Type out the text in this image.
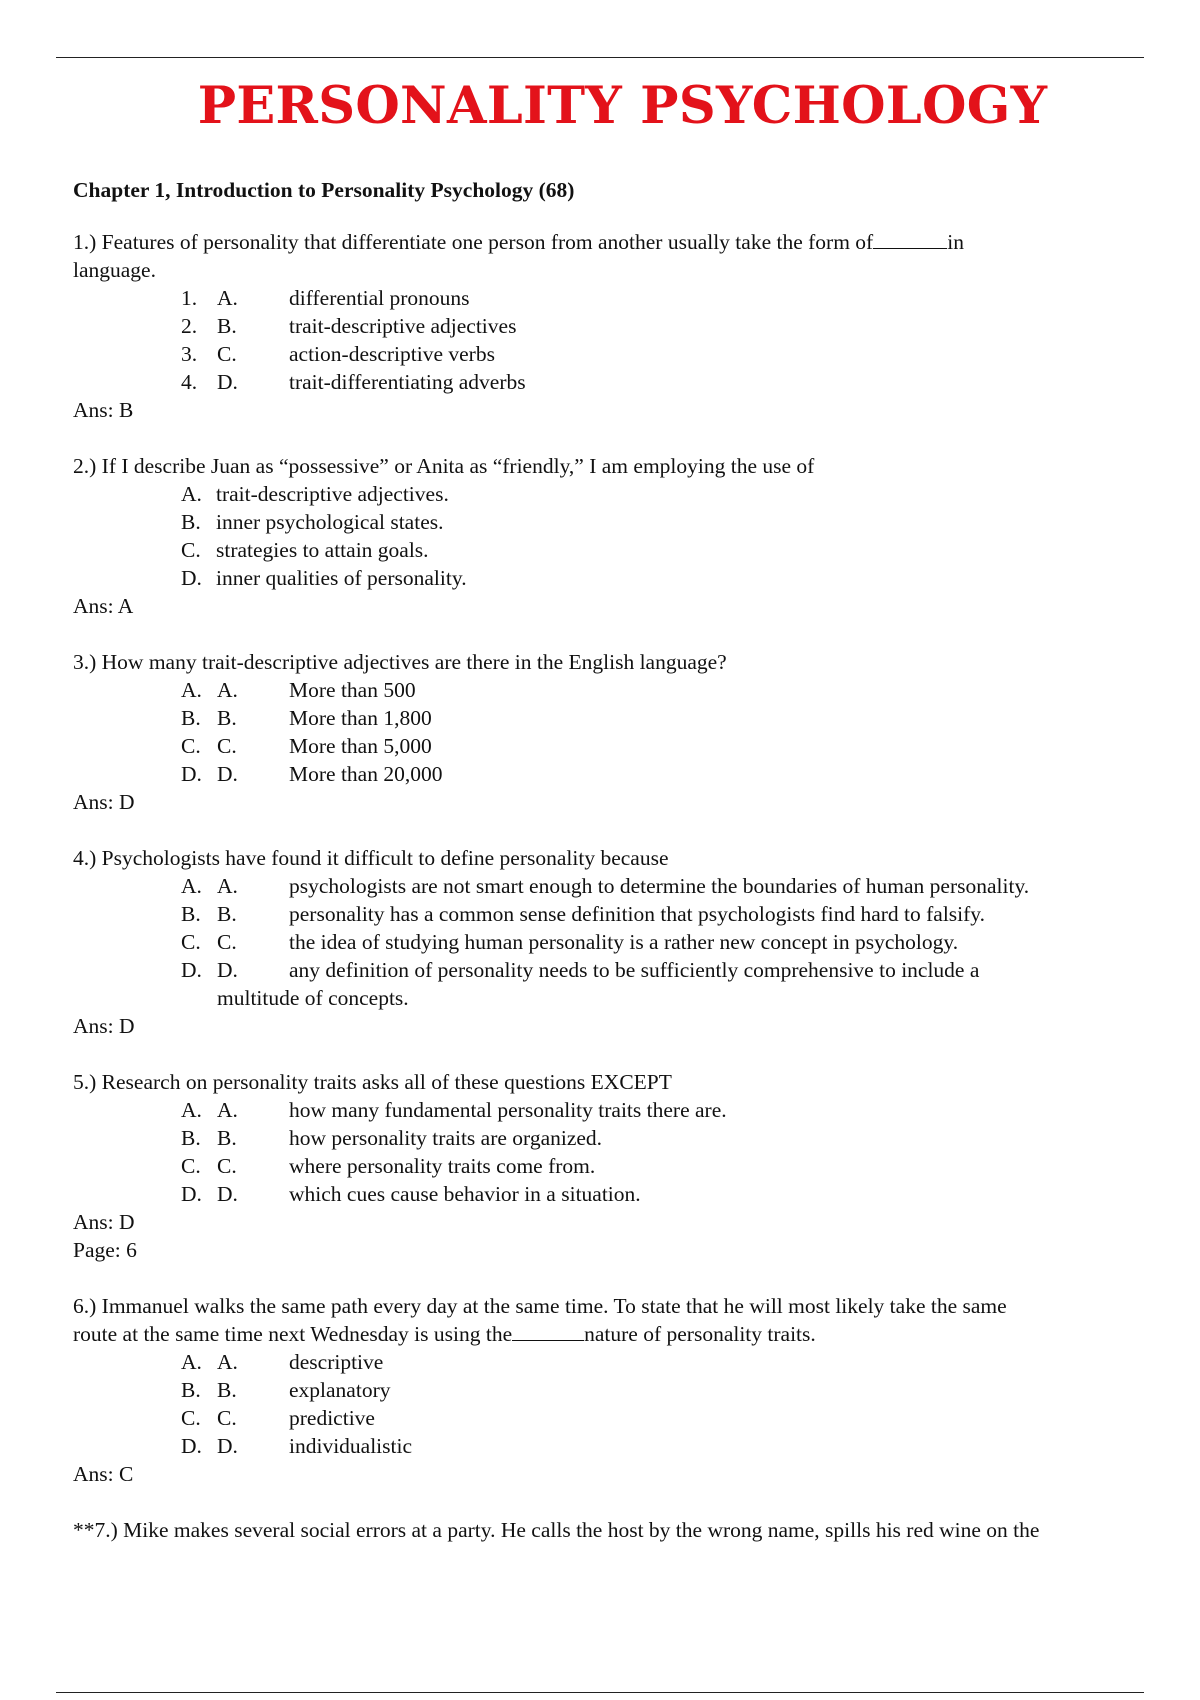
PERSONALITY PSYCHOLOGY

Chapter 1, Introduction to Personality Psychology (68)

1.) Features of personality that differentiate one person from another usually take the form of	in
language.

1. A.	differential pronouns
2. B.	trait-descriptive adjectives
3. C.	action-descriptive verbs
4. D.	trait-differentiating adverbs

Ans: B

2.) If I describe Juan as “possessive” or Anita as “friendly,” I am employing the use of

A. trait-descriptive adjectives.
B. inner psychological states.
C. strategies to attain goals.
D. inner qualities of personality.

Ans: A

3.) How many trait-descriptive adjectives are there in the English language?

A. A.	More than 500
B. B.	More than 1,800
C. C.	More than 5,000
D. D.	More than 20,000

Ans: D

4.) Psychologists have found it difficult to define personality because

A. A.	psychologists are not smart enough to determine the boundaries of human personality.
B. B.	personality has a common sense definition that psychologists find hard to falsify.
C. C.	the idea of studying human personality is a rather new concept in psychology.
D. D.	any definition of personality needs to be sufficiently comprehensive to include a
multitude of concepts.

Ans: D

5.) Research on personality traits asks all of these questions EXCEPT

A. A.	how many fundamental personality traits there are.
B. B.	how personality traits are organized.
C. C.	where personality traits come from.
D. D.	which cues cause behavior in a situation.

Ans: D

Page: 6

6.) Immanuel walks the same path every day at the same time. To state that he will most likely take the same
route at the same time next Wednesday is using the	nature of personality traits.

A. A.	descriptive
B. B.	explanatory
C. C.	predictive
D. D.	individualistic

Ans: C

**7.) Mike makes several social errors at a party. He calls the host by the wrong name, spills his red wine on the
